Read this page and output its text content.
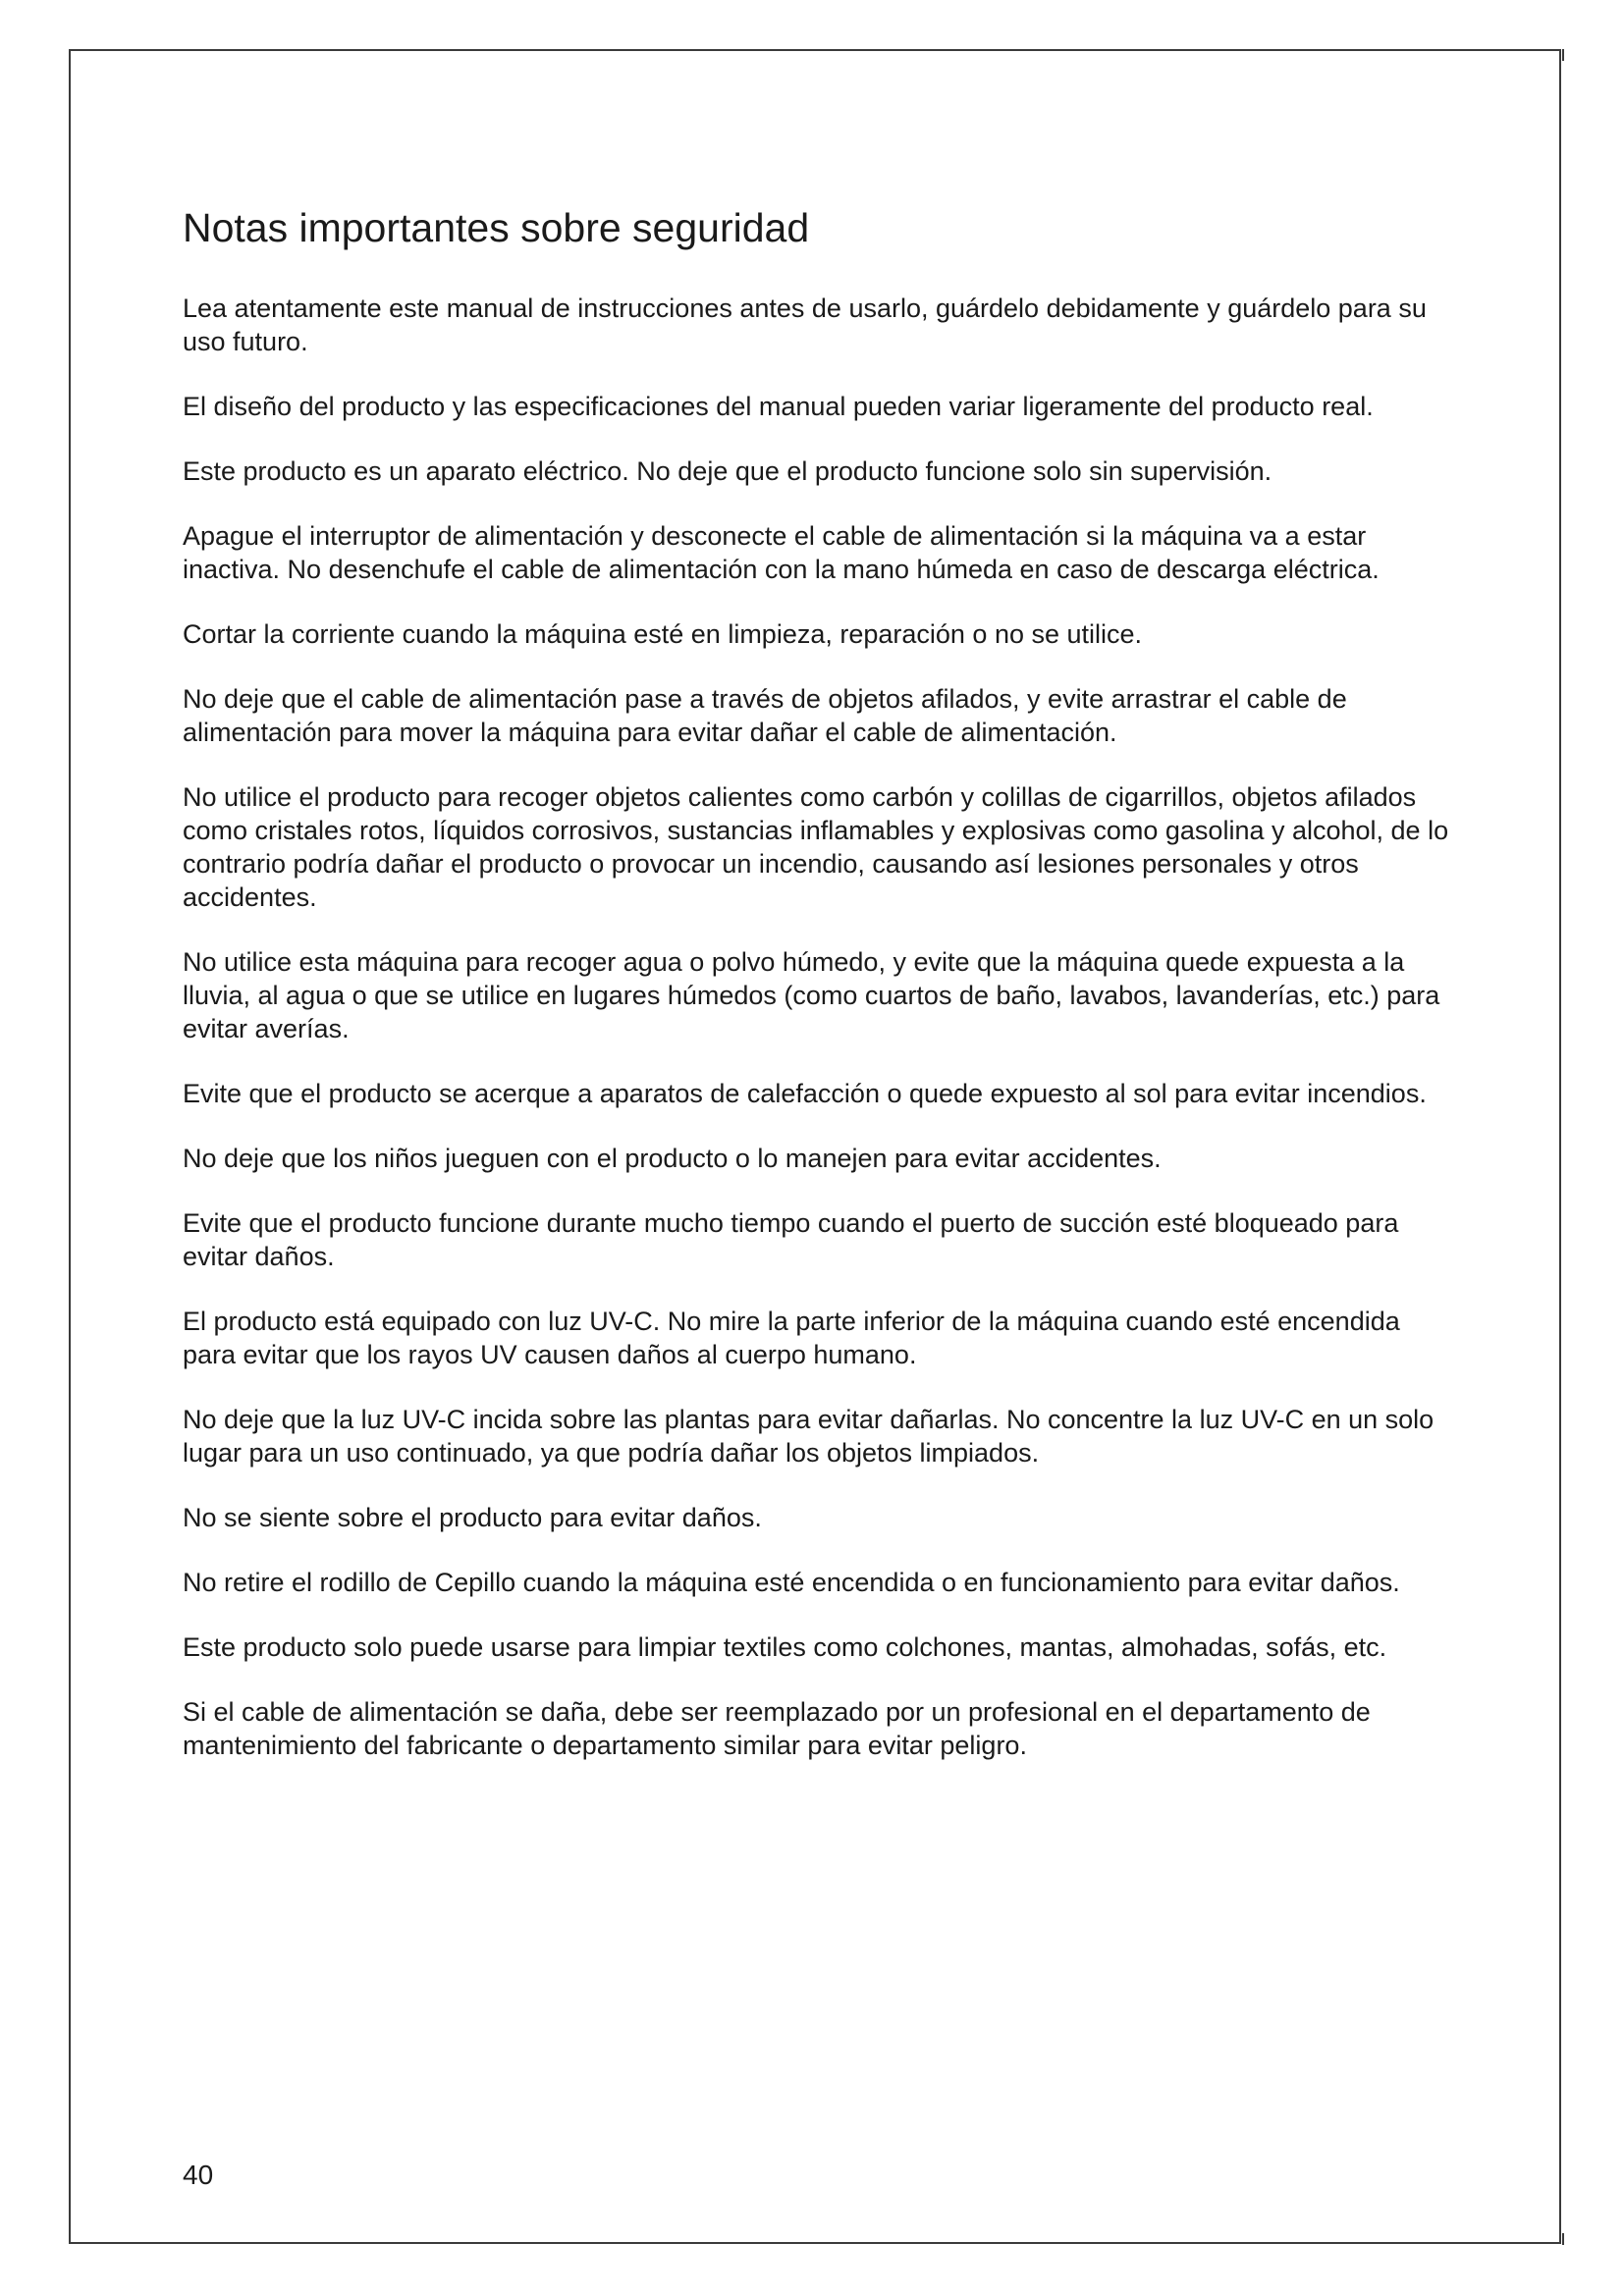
Notas importantes sobre seguridad

Lea atentamente este manual de instrucciones antes de usarlo, guárdelo debidamente y guárdelo para su uso futuro.

El diseño del producto y las especificaciones del manual pueden variar ligeramente del producto real.

Este producto es un aparato eléctrico. No deje que el producto funcione solo sin supervisión.

Apague el interruptor de alimentación y desconecte el cable de alimentación si la máquina va a estar inactiva. No desenchufe el cable de alimentación con la mano húmeda en caso de descarga eléctrica.

Cortar la corriente cuando la máquina esté en limpieza, reparación o no se utilice.

No deje que el cable de alimentación pase a través de objetos afilados, y evite arrastrar el cable de alimentación para mover la máquina para evitar dañar el cable de alimentación.

No utilice el producto para recoger objetos calientes como carbón y colillas de cigarrillos, objetos afilados como cristales rotos, líquidos corrosivos, sustancias inflamables y explosivas como gasolina y alcohol, de lo contrario podría dañar el producto o provocar un incendio, causando así lesiones personales y otros accidentes.

No utilice esta máquina para recoger agua o polvo húmedo, y evite que la máquina quede expuesta a la lluvia, al agua o que se utilice en lugares húmedos (como cuartos de baño, lavabos, lavanderías, etc.) para evitar averías.

Evite que el producto se acerque a aparatos de calefacción o quede expuesto al sol para evitar incendios.

No deje que los niños jueguen con el producto o lo manejen para evitar accidentes.

Evite que el producto funcione durante mucho tiempo cuando el puerto de succión esté bloqueado para evitar daños.

El producto está equipado con luz UV-C. No mire la parte inferior de la máquina cuando esté encendida para evitar que los rayos UV causen daños al cuerpo humano.

No deje que la luz UV-C incida sobre las plantas para evitar dañarlas. No concentre la luz UV-C en un solo lugar para un uso continuado, ya que podría dañar los objetos limpiados.

No se siente sobre el producto para evitar daños.

No retire el rodillo de Cepillo cuando la máquina esté encendida o en funcionamiento para evitar daños.

Este producto solo puede usarse para limpiar textiles como colchones, mantas, almohadas, sofás, etc.

Si el cable de alimentación se daña, debe ser reemplazado por un profesional en el departamento de mantenimiento del fabricante o departamento similar para evitar peligro.

40
